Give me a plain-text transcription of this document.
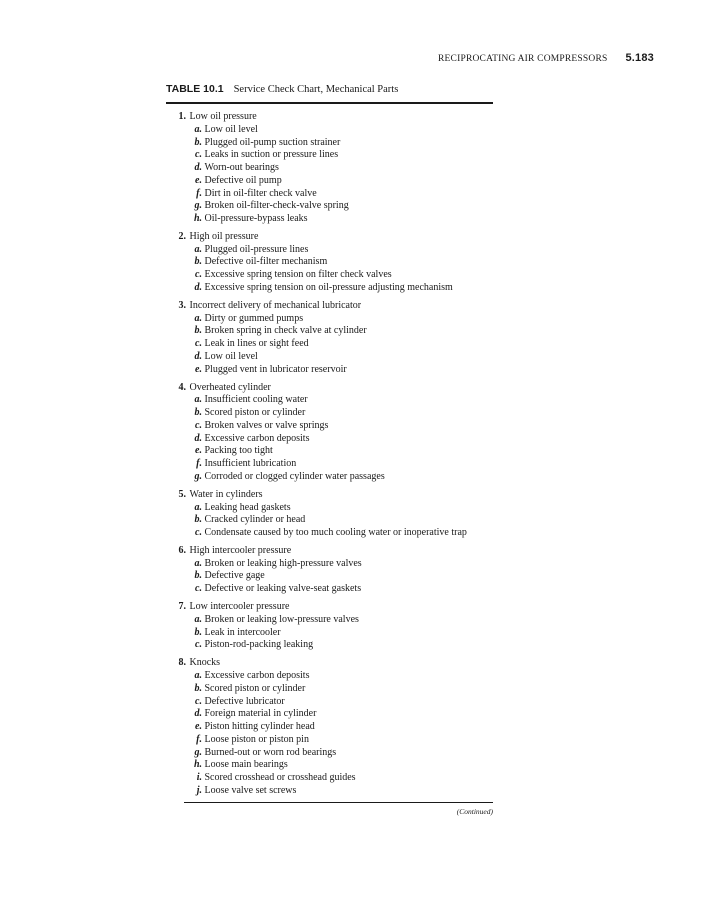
RECIPROCATING AIR COMPRESSORS 5.183
TABLE 10.1 Service Check Chart, Mechanical Parts
1.
Low oil pressure
a.
Low oil level
b.
Plugged oil-pump suction strainer
c.
Leaks in suction or pressure lines
d.
Worn-out bearings
e.
Defective oil pump
f.
Dirt in oil-filter check valve
g.
Broken oil-filter-check-valve spring
h.
Oil-pressure-bypass leaks
2.
High oil pressure
a.
Plugged oil-pressure lines
b.
Defective oil-filter mechanism
c.
Excessive spring tension on filter check valves
d.
Excessive spring tension on oil-pressure adjusting mechanism
3.
Incorrect delivery of mechanical lubricator
a.
Dirty or gummed pumps
b.
Broken spring in check valve at cylinder
c.
Leak in lines or sight feed
d.
Low oil level
e.
Plugged vent in lubricator reservoir
4.
Overheated cylinder
a.
Insufficient cooling water
b.
Scored piston or cylinder
c.
Broken valves or valve springs
d.
Excessive carbon deposits
e.
Packing too tight
f.
Insufficient lubrication
g.
Corroded or clogged cylinder water passages
5.
Water in cylinders
a.
Leaking head gaskets
b.
Cracked cylinder or head
c.
Condensate caused by too much cooling water or inoperative trap
6.
High intercooler pressure
a.
Broken or leaking high-pressure valves
b.
Defective gage
c.
Defective or leaking valve-seat gaskets
7.
Low intercooler pressure
a.
Broken or leaking low-pressure valves
b.
Leak in intercooler
c.
Piston-rod-packing leaking
8.
Knocks
a.
Excessive carbon deposits
b.
Scored piston or cylinder
c.
Defective lubricator
d.
Foreign material in cylinder
e.
Piston hitting cylinder head
f.
Loose piston or piston pin
g.
Burned-out or worn rod bearings
h.
Loose main bearings
i.
Scored crosshead or crosshead guides
j.
Loose valve set screws
(Continued)
